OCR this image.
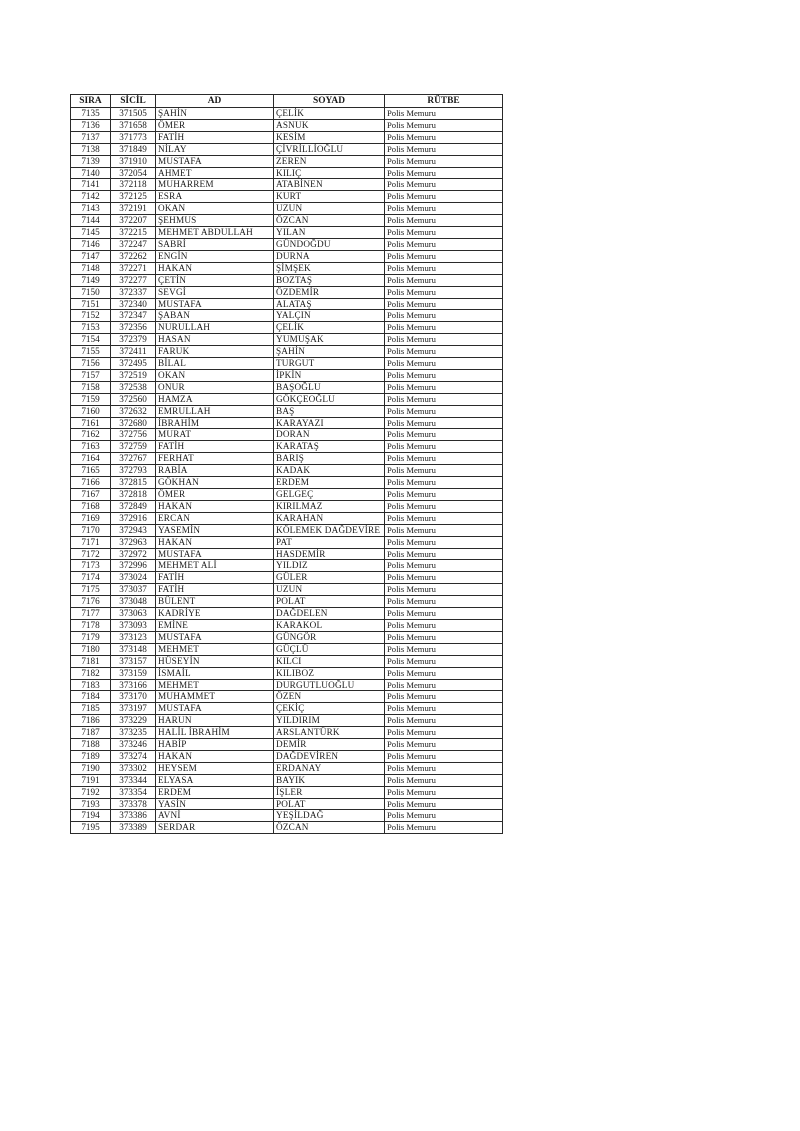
SIRA	SİCİL	AD	SOYAD	RÜTBE
7135	371505	ŞAHİN	ÇELİK	Polis Memuru
7136	371658	ÖMER	ASNUK	Polis Memuru
7137	371773	FATİH	KESİM	Polis Memuru
7138	371849	NİLAY	ÇİVRİLLİOĞLU	Polis Memuru
7139	371910	MUSTAFA	ZEREN	Polis Memuru
7140	372054	AHMET	KILIÇ	Polis Memuru
7141	372118	MUHARREM	ATABİNEN	Polis Memuru
7142	372125	ESRA	KURT	Polis Memuru
7143	372191	OKAN	UZUN	Polis Memuru
7144	372207	ŞEHMUS	ÖZCAN	Polis Memuru
7145	372215	MEHMET ABDULLAH	YILAN	Polis Memuru
7146	372247	SABRİ	GÜNDOĞDU	Polis Memuru
7147	372262	ENGİN	DURNA	Polis Memuru
7148	372271	HAKAN	ŞİMŞEK	Polis Memuru
7149	372277	ÇETİN	BOZTAŞ	Polis Memuru
7150	372337	SEVGİ	ÖZDEMİR	Polis Memuru
7151	372340	MUSTAFA	ALATAŞ	Polis Memuru
7152	372347	ŞABAN	YALÇIN	Polis Memuru
7153	372356	NURULLAH	ÇELİK	Polis Memuru
7154	372379	HASAN	YUMUŞAK	Polis Memuru
7155	372411	FARUK	ŞAHİN	Polis Memuru
7156	372495	BİLAL	TURGUT	Polis Memuru
7157	372519	OKAN	İPKİN	Polis Memuru
7158	372538	ONUR	BAŞOĞLU	Polis Memuru
7159	372560	HAMZA	GÖKÇEOĞLU	Polis Memuru
7160	372632	EMRULLAH	BAŞ	Polis Memuru
7161	372680	İBRAHİM	KARAYAZI	Polis Memuru
7162	372756	MURAT	DORAN	Polis Memuru
7163	372759	FATİH	KARATAŞ	Polis Memuru
7164	372767	FERHAT	BARIŞ	Polis Memuru
7165	372793	RABİA	KADAK	Polis Memuru
7166	372815	GÖKHAN	ERDEM	Polis Memuru
7167	372818	ÖMER	GELGEÇ	Polis Memuru
7168	372849	HAKAN	KIRILMAZ	Polis Memuru
7169	372916	ERCAN	KARAHAN	Polis Memuru
7170	372943	YASEMİN	KÖLEMEK DAĞDEVİRE	Polis Memuru
7171	372963	HAKAN	PAT	Polis Memuru
7172	372972	MUSTAFA	HASDEMİR	Polis Memuru
7173	372996	MEHMET ALİ	YILDIZ	Polis Memuru
7174	373024	FATİH	GÜLER	Polis Memuru
7175	373037	FATİH	UZUN	Polis Memuru
7176	373048	BÜLENT	POLAT	Polis Memuru
7177	373063	KADRİYE	DAĞDELEN	Polis Memuru
7178	373093	EMİNE	KARAKOL	Polis Memuru
7179	373123	MUSTAFA	GÜNGÖR	Polis Memuru
7180	373148	MEHMET	GÜÇLÜ	Polis Memuru
7181	373157	HÜSEYİN	KILCI	Polis Memuru
7182	373159	İSMAİL	KILIBOZ	Polis Memuru
7183	373166	MEHMET	DURGUTLUOĞLU	Polis Memuru
7184	373170	MUHAMMET	ÖZEN	Polis Memuru
7185	373197	MUSTAFA	ÇEKİÇ	Polis Memuru
7186	373229	HARUN	YILDIRIM	Polis Memuru
7187	373235	HALİL İBRAHİM	ARSLANTÜRK	Polis Memuru
7188	373246	HABİP	DEMİR	Polis Memuru
7189	373274	HAKAN	DAĞDEVİREN	Polis Memuru
7190	373302	HEYSEM	ERDANAY	Polis Memuru
7191	373344	ELYASA	BAYIK	Polis Memuru
7192	373354	ERDEM	İŞLER	Polis Memuru
7193	373378	YASİN	POLAT	Polis Memuru
7194	373386	AVNİ	YEŞİLDAĞ	Polis Memuru
7195	373389	SERDAR	ÖZCAN	Polis Memuru
